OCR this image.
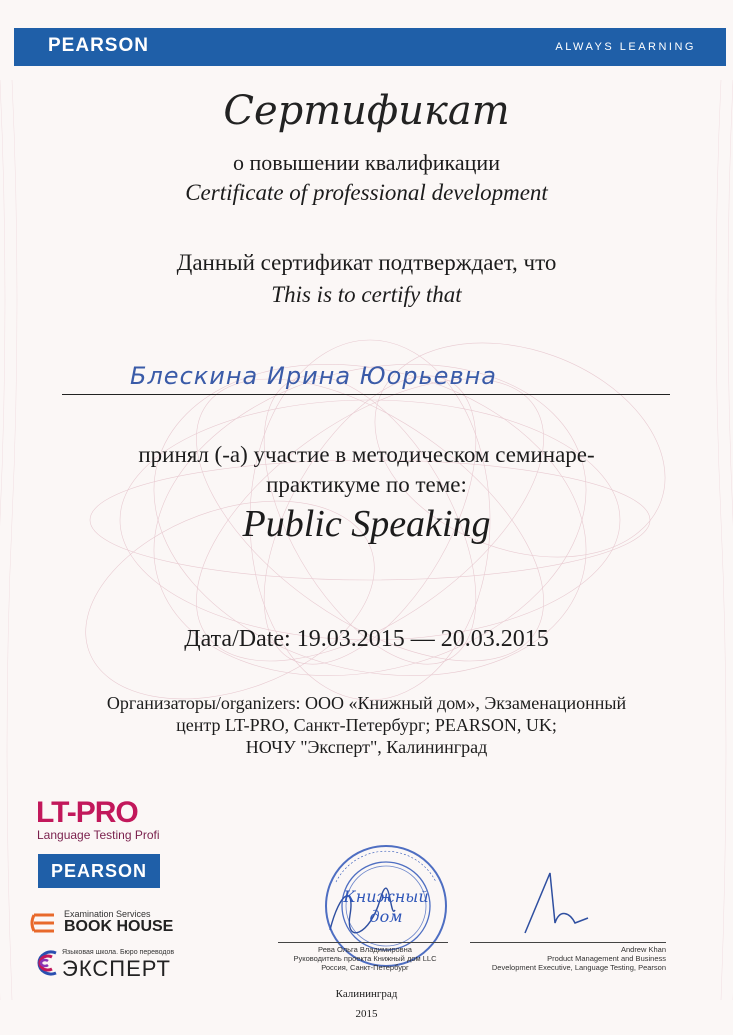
PEARSON	ALWAYS LEARNING
Сертификат
о повышении квалификации
Certificate of professional development
Данный сертификат подтверждает, что
This is to certify that
Блескина Ирина Юорьевна
принял (-а) участие в методическом семинаре-
практикуме по теме:
Public Speaking
Дата/Date: 19.03.2015 — 20.03.2015
Организаторы/organizers: ООО «Книжный дом», Экзаменационный
центр LT-PRO, Санкт-Петербург; PEARSON, UK;
НОЧУ "Эксперт", Калининград
LT-PRO
Language Testing Profi
PEARSON
Examination Services
BOOK HOUSE
Языковая школа. Бюро переводов
ЭКСПЕРТ
Книжный
дом
Рева Ольга Владимировна
Руководитель проекта Книжный дом LLC
Россия, Санкт-Петербург
Andrew Khan
Product Management and Business
Development Executive, Language Testing, Pearson
Калининград
2015
